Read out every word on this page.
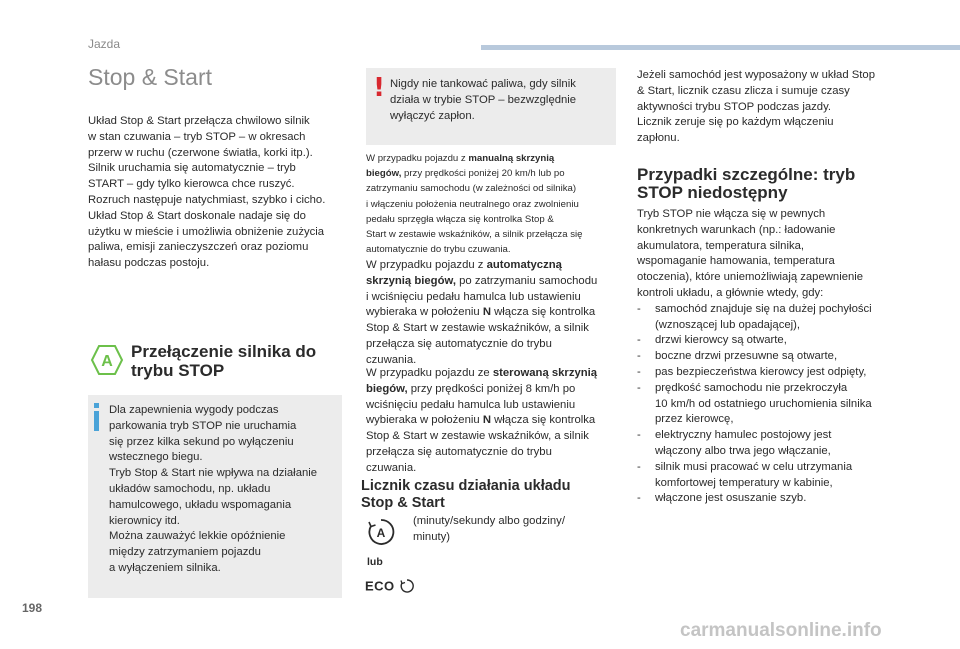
Jazda
Stop & Start

Układ Stop & Start przełącza chwilowo silnik

w stan czuwania – tryb STOP – w okresach

przerw w ruchu (czerwone światła, korki itp.).

Silnik uruchamia się automatycznie – tryb

START – gdy tylko kierowca chce ruszyć.

Rozruch następuje natychmiast, szybko i cicho.

Układ Stop & Start doskonale nadaje się do

użytku w mieście i umożliwia obniżenie zużycia

paliwa, emisji zanieczyszczeń oraz poziomu

hałasu podczas postoju.

A
Przełączenie silnika do
trybu STOP

Dla zapewnienia wygody podczas

parkowania tryb STOP nie uruchamia

się przez kilka sekund po wyłączeniu

wstecznego biegu.

Tryb Stop & Start nie wpływa na działanie

układów samochodu, np. układu

hamulcowego, układu wspomagania

kierownicy itd.

Można zauważyć lekkie opóźnienie

między zatrzymaniem pojazdu

a wyłączeniem silnika.

! Nigdy nie tankować paliwa, gdy silnik

działa w trybie STOP – bezwzględnie

wyłączyć zapłon.

W przypadku pojazdu z manualną skrzynią

biegów, przy prędkości poniżej 20 km/h lub po

zatrzymaniu samochodu (w zależności od silnika)

i włączeniu położenia neutralnego oraz zwolnieniu

pedału sprzęgła włącza się kontrolka Stop &

Start w zestawie wskaźników, a silnik przełącza się

automatycznie do trybu czuwania.

W przypadku pojazdu z automatyczną

skrzynią biegów, po zatrzymaniu samochodu

i wciśnięciu pedału hamulca lub ustawieniu

wybieraka w położeniu N włącza się kontrolka

Stop & Start w zestawie wskaźników, a silnik

przełącza się automatycznie do trybu

czuwania.

W przypadku pojazdu ze sterowaną skrzynią

biegów, przy prędkości poniżej 8 km/h po

wciśnięciu pedału hamulca lub ustawieniu

wybieraka w położeniu N włącza się kontrolka

Stop & Start w zestawie wskaźników, a silnik

przełącza się automatycznie do trybu

czuwania.

Licznik czasu działania układu
Stop & Start
A

(minuty/sekundy albo godziny/

minuty)

lub
ECO

Jeżeli samochód jest wyposażony w układ Stop

& Start, licznik czasu zlicza i sumuje czasy

aktywności trybu STOP podczas jazdy.

Licznik zeruje się po każdym włączeniu

zapłonu.

Przypadki szczególne: tryb
STOP niedostępny

Tryb STOP nie włącza się w pewnych

konkretnych warunkach (np.: ładowanie

akumulatora, temperatura silnika,

wspomaganie hamowania, temperatura

otoczenia), które uniemożliwiają zapewnienie

kontroli układu, a głównie wtedy, gdy:

- samochód znajduje się na dużej pochyłości
(wznoszącej lub opadającej),
- drzwi kierowcy są otwarte,
- boczne drzwi przesuwne są otwarte,
- pas bezpieczeństwa kierowcy jest odpięty,
- prędkość samochodu nie przekroczyła
10 km/h od ostatniego uruchomienia silnika
przez kierowcę,
- elektryczny hamulec postojowy jest
włączony albo trwa jego włączanie,
- silnik musi pracować w celu utrzymania
komfortowej temperatury w kabinie,
- włączone jest osuszanie szyb.
198
carmanualsonline.info
